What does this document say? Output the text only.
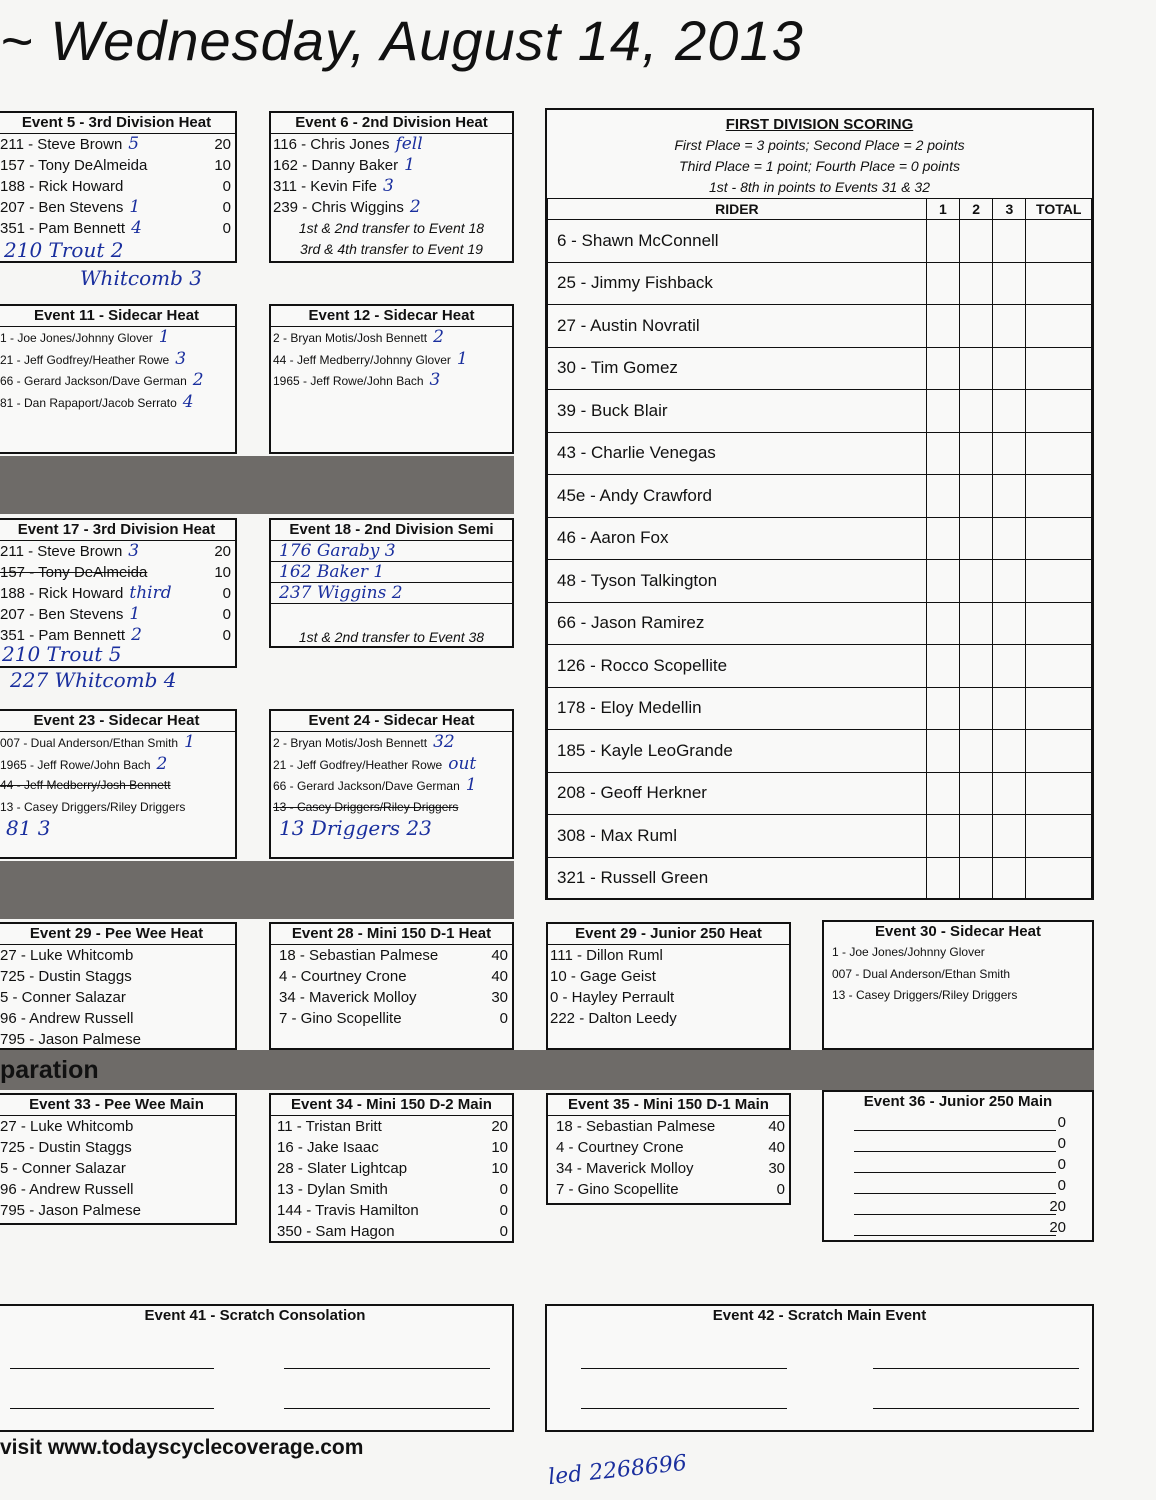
~ Wednesday, August 14, 2013
Event 5 - 3rd Division Heat
211 - Steve Brown 5	20
157 - Tony DeAlmeida	10
188 - Rick Howard	0
207 - Ben Stevens 1	0
351 - Pam Bennett 4	0
210 Trout 2
Whitcomb 3
Event 6 - 2nd Division Heat
116 - Chris Jones fell
162 - Danny Baker 1
311 - Kevin Fife 3
239 - Chris Wiggins 2
1st & 2nd transfer to Event 18
3rd & 4th transfer to Event 19
Event 11 - Sidecar Heat
1 - Joe Jones/Johnny Glover 1
21 - Jeff Godfrey/Heather Rowe 3
66 - Gerard Jackson/Dave German 2
81 - Dan Rapaport/Jacob Serrato 4
Event 12 - Sidecar Heat
2 - Bryan Motis/Josh Bennett 2
44 - Jeff Medberry/Johnny Glover 1
1965 - Jeff Rowe/John Bach 3
Event 17 - 3rd Division Heat
211 - Steve Brown 3	20
157 - Tony DeAlmeida	10
188 - Rick Howard third	0
207 - Ben Stevens 1	0
351 - Pam Bennett 2	0
210 Trout 5
227 Whitcomb 4
Event 18 - 2nd Division Semi
176 Garaby 3
162 Baker 1
237 Wiggins 2
1st & 2nd transfer to Event 38
Event 23 - Sidecar Heat
007 - Dual Anderson/Ethan Smith 1
1965 - Jeff Rowe/John Bach 2
44 - Jeff Medberry/Josh Bennett
13 - Casey Driggers/Riley Driggers
81 3
Event 24 - Sidecar Heat
2 - Bryan Motis/Josh Bennett 32
21 - Jeff Godfrey/Heather Rowe out
66 - Gerard Jackson/Dave German 1
13 - Casey Driggers/Riley Driggers
13 Driggers 23
FIRST DIVISION SCORING
First Place = 3 points; Second Place = 2 points
Third Place = 1 point; Fourth Place = 0 points
1st - 8th in points to Events 31 & 32
RIDER	1	2	3	TOTAL
6 - Shawn McConnell				
25 - Jimmy Fishback				
27 - Austin Novratil				
30 - Tim Gomez				
39 - Buck Blair				
43 - Charlie Venegas				
45e - Andy Crawford				
46 - Aaron Fox				
48 - Tyson Talkington				
66 - Jason Ramirez				
126 - Rocco Scopellite				
178 - Eloy Medellin				
185 - Kayle LeoGrande				
208 - Geoff Herkner				
308 - Max Ruml				
321 - Russell Green				
Event 29 - Pee Wee Heat
27 - Luke Whitcomb
725 - Dustin Staggs
5 - Conner Salazar
96 - Andrew Russell
795 - Jason Palmese
Event 28 - Mini 150 D-1 Heat
18 - Sebastian Palmese	40
4 - Courtney Crone	40
34 - Maverick Molloy	30
7 - Gino Scopellite	0
Event 29 - Junior 250 Heat
111 - Dillon Ruml
10 - Gage Geist
0 - Hayley Perrault
222 - Dalton Leedy
Event 30 - Sidecar Heat
1 - Joe Jones/Johnny Glover
007 - Dual Anderson/Ethan Smith
13 - Casey Driggers/Riley Driggers
paration
Event 33 - Pee Wee Main
27 - Luke Whitcomb
725 - Dustin Staggs
5 - Conner Salazar
96 - Andrew Russell
795 - Jason Palmese
Event 34 - Mini 150 D-2 Main
11 - Tristan Britt	20
16 - Jake Isaac	10
28 - Slater Lightcap	10
13 - Dylan Smith	0
144 - Travis Hamilton	0
350 - Sam Hagon	0
Event 35 - Mini 150 D-1 Main
18 - Sebastian Palmese	40
4 - Courtney Crone	40
34 - Maverick Molloy	30
7 - Gino Scopellite	0
Event 36 - Junior 250 Main
0
0
0
0
20
20
Event 41 - Scratch Consolation	Event 42 - Scratch Main Event
visit www.todayscyclecoverage.com
led 2268696
